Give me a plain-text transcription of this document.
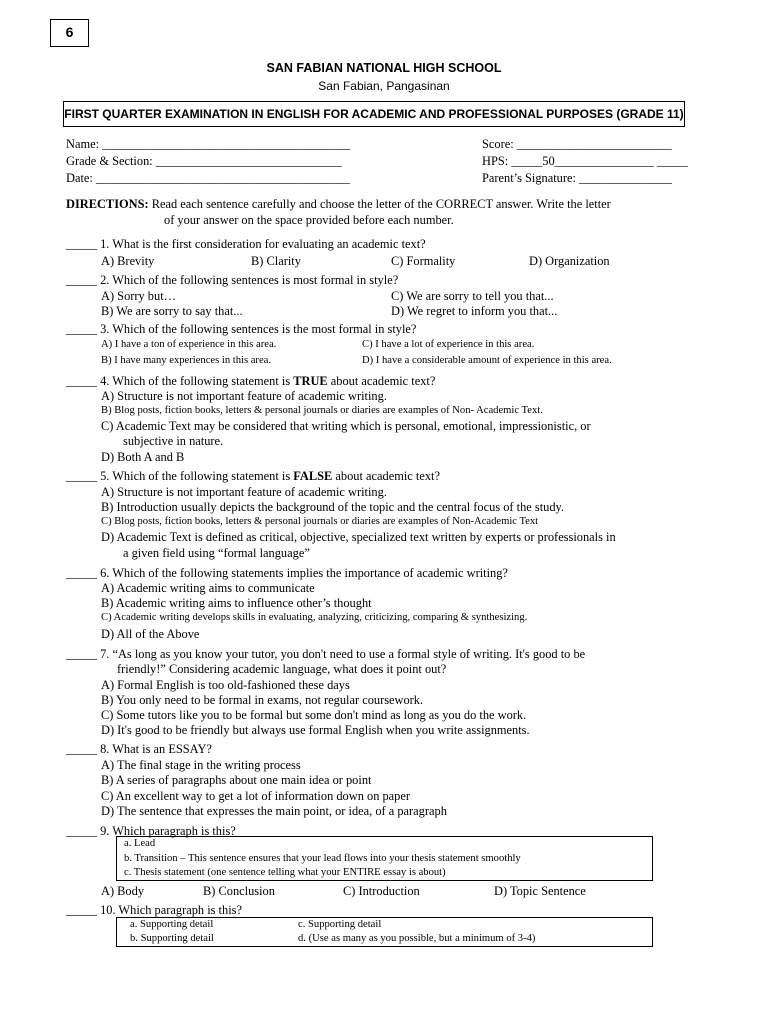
6
SAN FABIAN NATIONAL HIGH SCHOOL
San Fabian, Pangasinan
FIRST QUARTER EXAMINATION IN ENGLISH FOR ACADEMIC AND PROFESSIONAL PURPOSES (GRADE 11)
Name: ________________________________________
Grade & Section: ______________________________
Date: _________________________________________
Score: _________________________
HPS: _____50________________ _____
Parent’s Signature: _______________
DIRECTIONS: Read each sentence carefully and choose the letter of the CORRECT answer. Write the letter
of your answer on the space provided before each number.
_____ 1. What is the first consideration for evaluating an academic text?
A) Brevity	B) Clarity	C) Formality	D) Organization
_____ 2. Which of the following sentences is most formal in style?
A) Sorry but…	C) We are sorry to tell you that...
B) We are sorry to say that...	D) We regret to inform you that...
_____ 3. Which of the following sentences is the most formal in style?
A) I have a ton of experience in this area.	C) I have a lot of experience in this area.
B) I have many experiences in this area.	D) I have a considerable amount of experience in this area.
_____ 4. Which of the following statement is TRUE about academic text?
A) Structure is not important feature of academic writing.
B) Blog posts, fiction books, letters & personal journals or diaries are examples of Non- Academic Text.
C) Academic Text may be considered that writing which is personal, emotional, impressionistic, or
subjective in nature.
D) Both A and B
_____ 5. Which of the following statement is FALSE about academic text?
A) Structure is not important feature of academic writing.
B) Introduction usually depicts the background of the topic and the central focus of the study.
C) Blog posts, fiction books, letters & personal journals or diaries are examples of Non-Academic Text
D) Academic Text is defined as critical, objective, specialized text written by experts or professionals in
a given field using “formal language”
_____ 6. Which of the following statements implies the importance of academic writing?
A) Academic writing aims to communicate
B) Academic writing aims to influence other’s thought
C) Academic writing develops skills in evaluating, analyzing, criticizing, comparing & synthesizing.
D) All of the Above
_____ 7. “As long as you know your tutor, you don't need to use a formal style of writing. It's good to be
friendly!” Considering academic language, what does it point out?
A) Formal English is too old-fashioned these days
B) You only need to be formal in exams, not regular coursework.
C) Some tutors like you to be formal but some don't mind as long as you do the work.
D) It's good to be friendly but always use formal English when you write assignments.
_____ 8. What is an ESSAY?
A) The final stage in the writing process
B) A series of paragraphs about one main idea or point
C) An excellent way to get a lot of information down on paper
D) The sentence that expresses the main point, or idea, of a paragraph
_____ 9. Which paragraph is this?
a. Lead
b. Transition – This sentence ensures that your lead flows into your thesis statement smoothly
c. Thesis statement (one sentence telling what your ENTIRE essay is about)
A) Body	B) Conclusion	C) Introduction	D) Topic Sentence
_____ 10. Which paragraph is this?
a. Supporting detail	c. Supporting detail
b. Supporting detail	d. (Use as many as you possible, but a minimum of 3-4)
